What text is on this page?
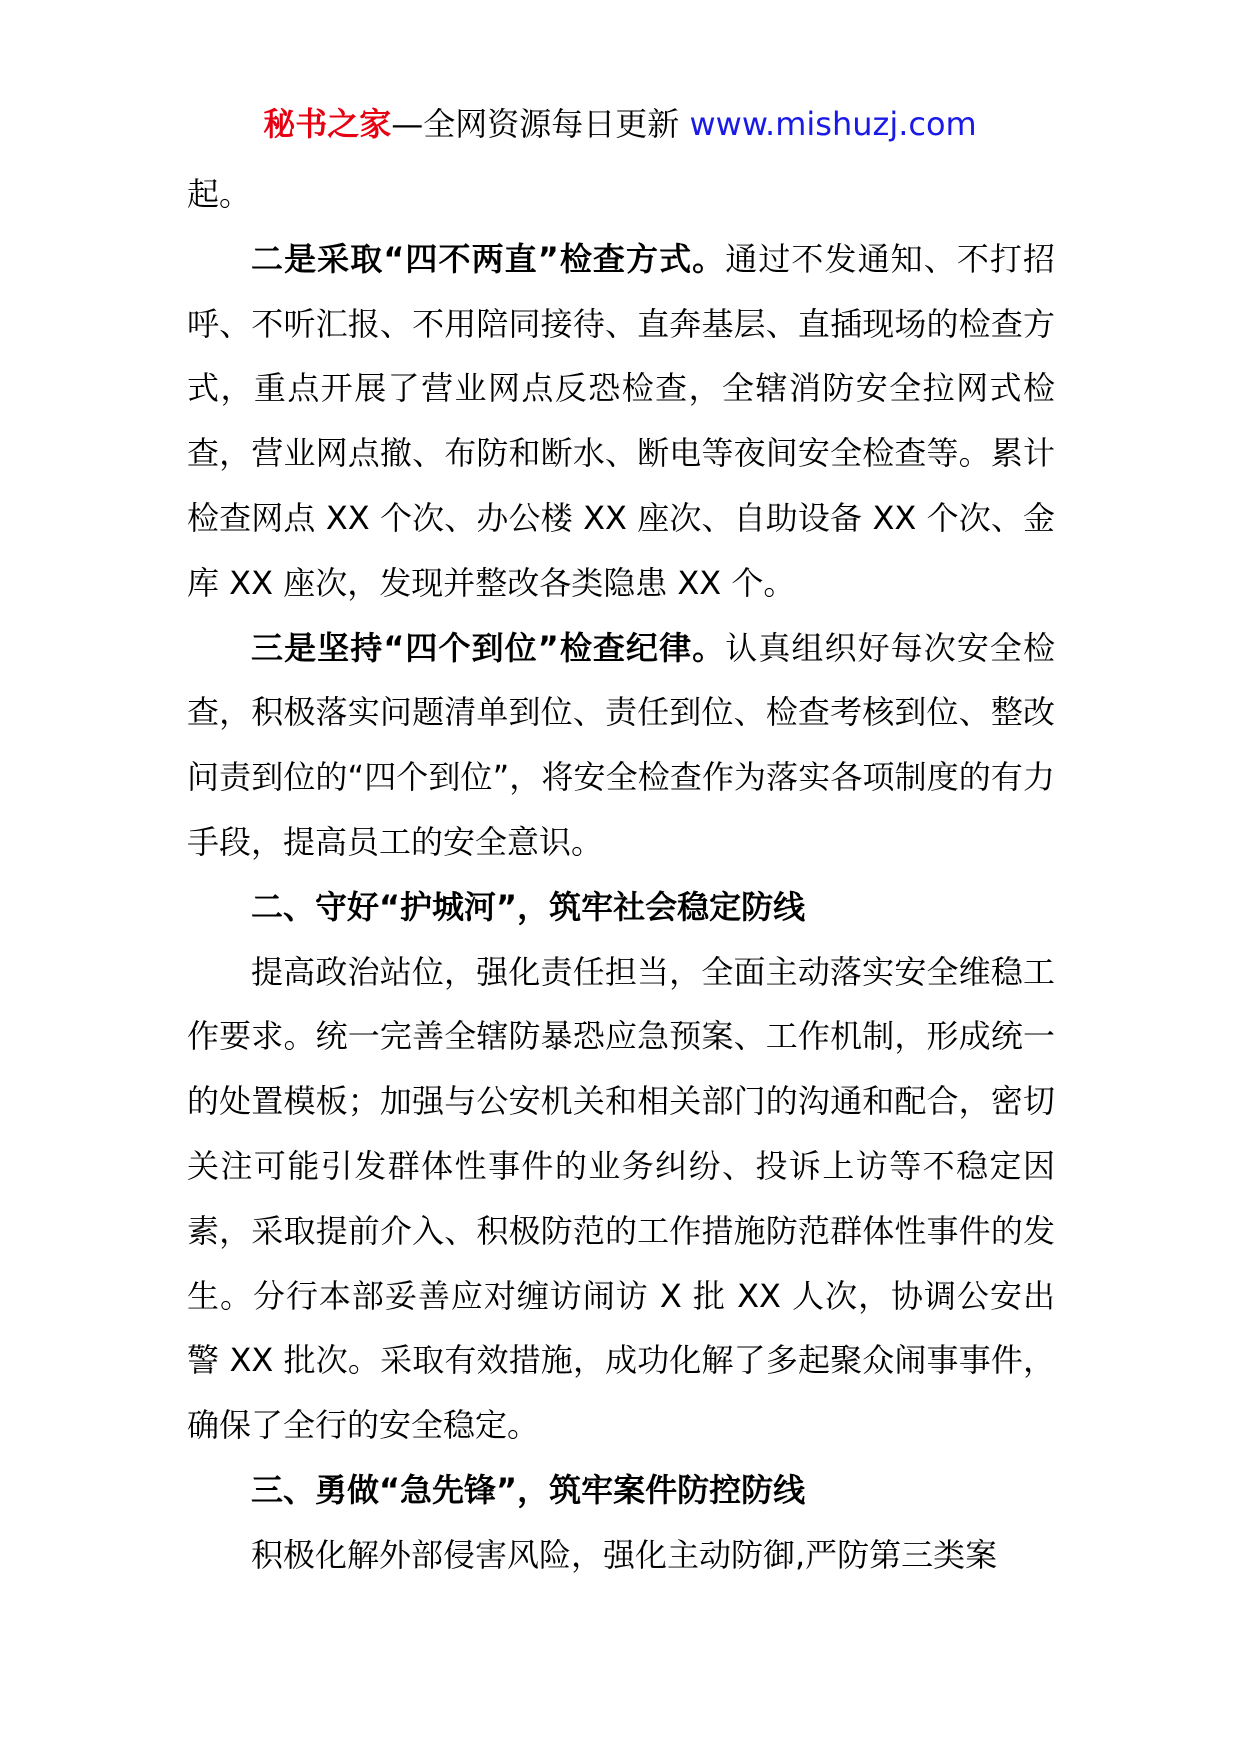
秘书之家—全网资源每日更新 www.mishuzj.com

起。

二是采取“四不两直”检查方式。通过不发通知、不打招呼、不听汇报、不用陪同接待、直奔基层、直插现场的检查方式，重点开展了营业网点反恐检查，全辖消防安全拉网式检查，营业网点撤、布防和断水、断电等夜间安全检查等。累计检查网点 XX 个次、办公楼 XX 座次、自助设备 XX 个次、金库 XX 座次，发现并整改各类隐患 XX 个。

三是坚持“四个到位”检查纪律。认真组织好每次安全检查，积极落实问题清单到位、责任到位、检查考核到位、整改问责到位的“四个到位”，将安全检查作为落实各项制度的有力手段，提高员工的安全意识。

二、守好“护城河”，筑牢社会稳定防线

提高政治站位，强化责任担当，全面主动落实安全维稳工作要求。统一完善全辖防暴恐应急预案、工作机制，形成统一的处置模板；加强与公安机关和相关部门的沟通和配合，密切关注可能引发群体性事件的业务纠纷、投诉上访等不稳定因素，采取提前介入、积极防范的工作措施防范群体性事件的发生。分行本部妥善应对缠访闹访 X 批 XX 人次，协调公安出警 XX 批次。采取有效措施，成功化解了多起聚众闹事事件，确保了全行的安全稳定。

三、勇做“急先锋”，筑牢案件防控防线

积极化解外部侵害风险，强化主动防御,严防第三类案
